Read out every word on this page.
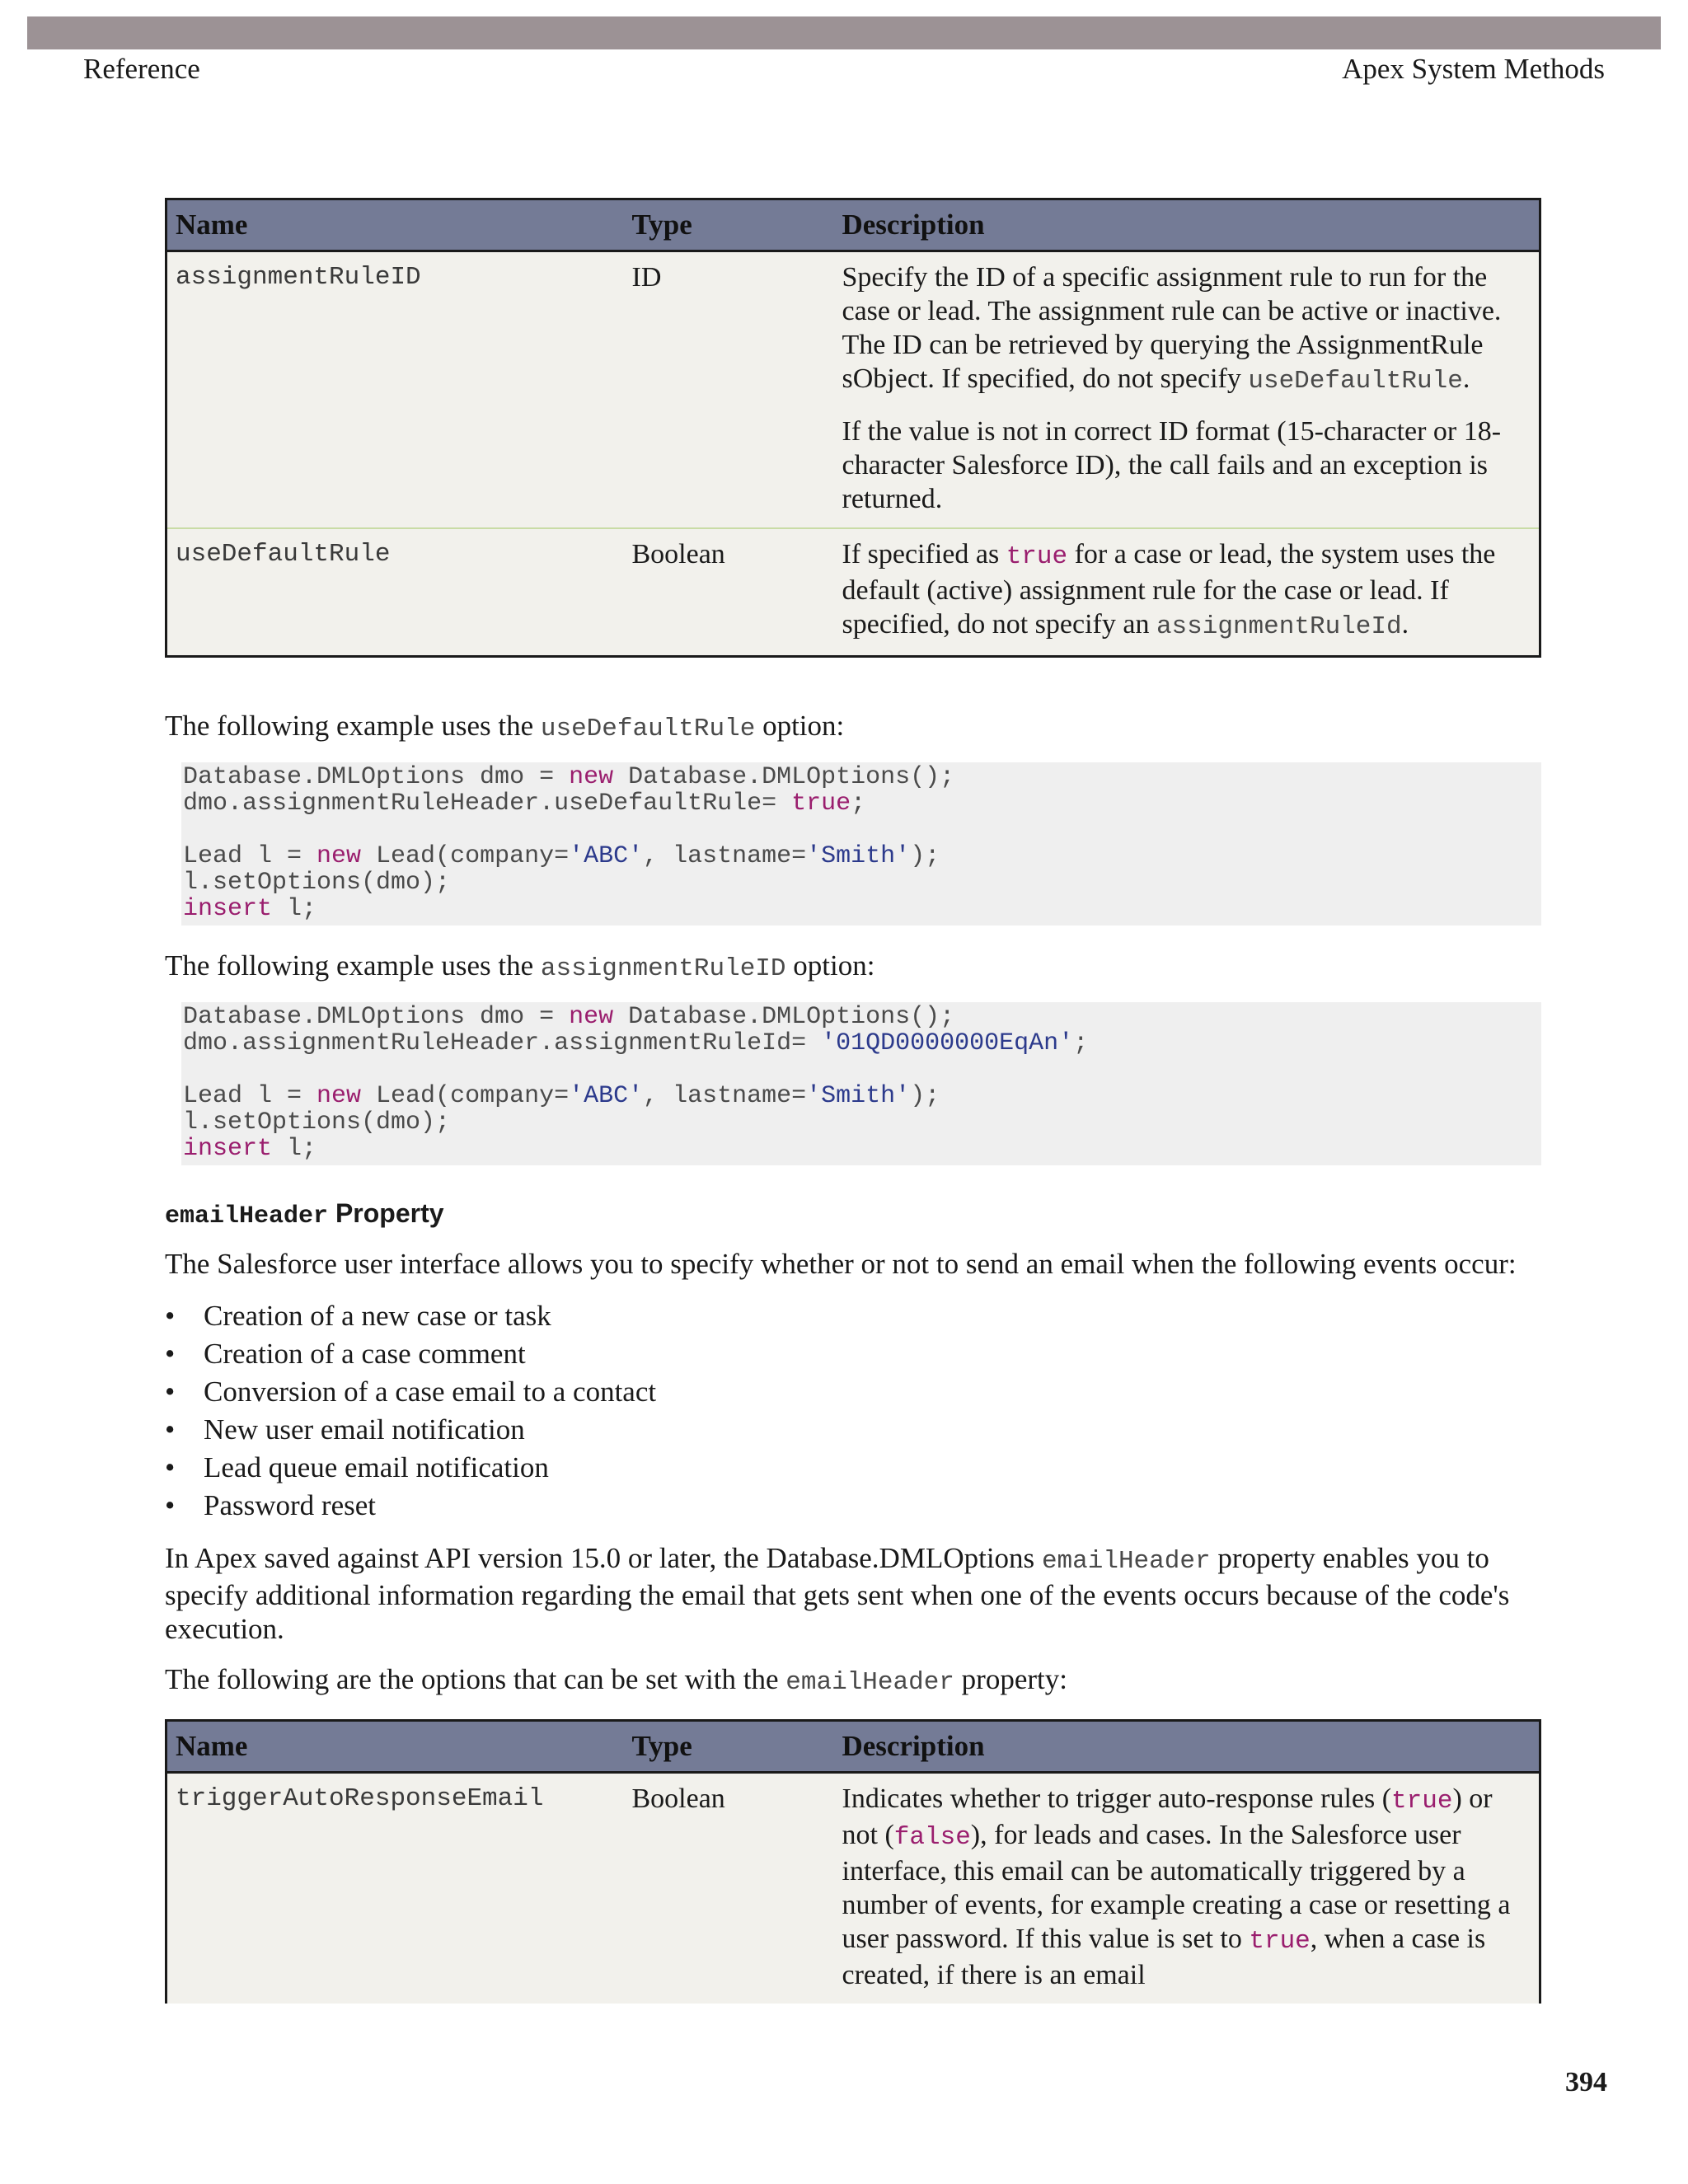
Reference	Apex System Methods
Name	Type	Description
assignmentRuleID	ID	Specify the ID of a specific assignment rule to run for the case or lead. The assignment rule can be active or inactive. The ID can be retrieved by querying the AssignmentRule sObject. If specified, do not specify useDefaultRule.

If the value is not in correct ID format (15-character or 18-character Salesforce ID), the call fails and an exception is returned.

useDefaultRule	Boolean	If specified as true for a case or lead, the system uses the default (active) assignment rule for the case or lead. If specified, do not specify an assignmentRuleId.

The following example uses the useDefaultRule option:

Database.DMLOptions dmo = new Database.DMLOptions();
dmo.assignmentRuleHeader.useDefaultRule= true;

Lead l = new Lead(company='ABC', lastname='Smith');
l.setOptions(dmo);
insert l;

The following example uses the assignmentRuleID option:

Database.DMLOptions dmo = new Database.DMLOptions();
dmo.assignmentRuleHeader.assignmentRuleId= '01QD0000000EqAn';

Lead l = new Lead(company='ABC', lastname='Smith');
l.setOptions(dmo);
insert l;
emailHeader Property

The Salesforce user interface allows you to specify whether or not to send an email when the following events occur:

• Creation of a new case or task
• Creation of a case comment
• Conversion of a case email to a contact
• New user email notification
• Lead queue email notification
• Password reset

In Apex saved against API version 15.0 or later, the Database.DMLOptions emailHeader property enables you to specify additional information regarding the email that gets sent when one of the events occurs because of the code's execution.

The following are the options that can be set with the emailHeader property:

Name	Type	Description
triggerAutoResponseEmail	Boolean	Indicates whether to trigger auto-response rules (true) or not (false), for leads and cases. In the Salesforce user interface, this email can be automatically triggered by a number of events, for example creating a case or resetting a user password. If this value is set to true, when a case is created, if there is an email
394
